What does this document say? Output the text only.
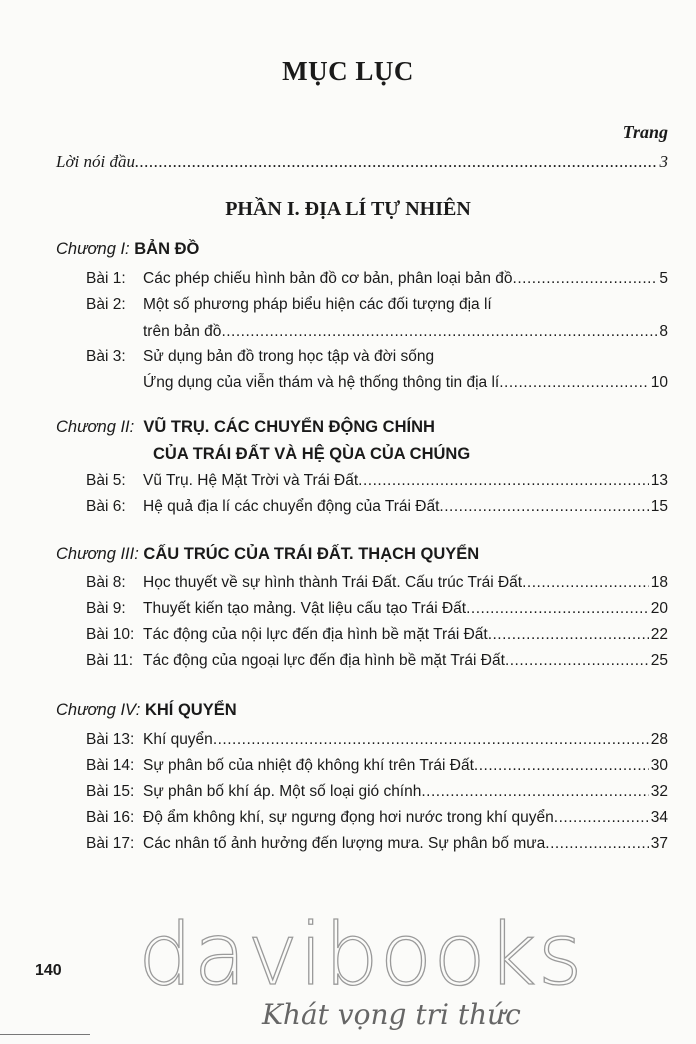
MỤC LỤC
Trang
Lời nói đầu .....	3
PHẦN I. ĐỊA LÍ TỰ NHIÊN
Chương I: BẢN ĐỒ
Bài 1:	Các phép chiếu hình bản đồ cơ bản, phân loại bản đồ .....	5
Bài 2: Một số phương pháp biểu hiện các đối tượng địa lí
trên bản đồ .....	8
Bài 3: Sử dụng bản đồ trong học tập và đời sống
Ứng dụng của viễn thám và hệ thống thông tin địa lí .....	10
Chương II: VŨ TRỤ. CÁC CHUYỂN ĐỘNG CHÍNH
CỦA TRÁI ĐẤT VÀ HỆ QÙA CỦA CHÚNG
Bài 5:	Vũ Trụ. Hệ Mặt Trời và Trái Đất .....	13
Bài 6:	Hệ quả địa lí các chuyển động của Trái Đất .....	15
Chương III: CẤU TRÚC CỦA TRÁI ĐẤT. THẠCH QUYỂN
Bài 8:	Học thuyết về sự hình thành Trái Đất. Cấu trúc Trái Đất .....	18
Bài 9:	Thuyết kiến tạo mảng. Vật liệu cấu tạo Trái Đất .....	20
Bài 10: Tác động của nội lực đến địa hình bề mặt Trái Đất .....	22
Bài 11: Tác động của ngoại lực đến địa hình bề mặt Trái Đất .....	25
Chương IV: KHÍ QUYỂN
Bài 13: Khí quyển .....	28
Bài 14: Sự phân bố của nhiệt độ không khí trên Trái Đất .....	30
Bài 15: Sự phân bố khí áp. Một số loại gió chính .....	32
Bài 16: Độ ẩm không khí, sự ngưng đọng hơi nước trong khí quyển .....	34
Bài 17: Các nhân tố ảnh hưởng đến lượng mưa. Sự phân bố mưa .....	37
140 davibooks
Khát vọng tri thức
